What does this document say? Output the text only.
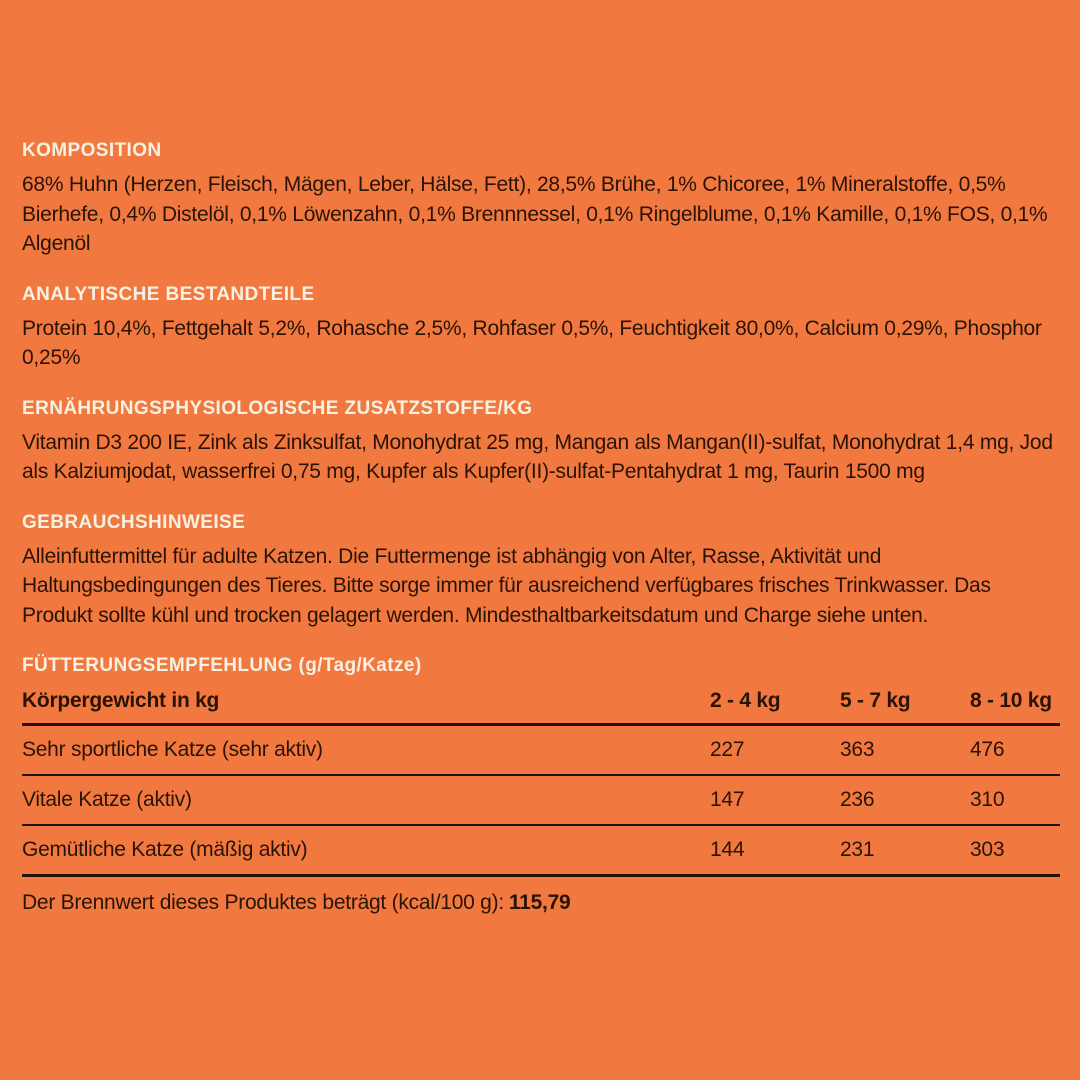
KOMPOSITION

68% Huhn (Herzen, Fleisch, Mägen, Leber, Hälse, Fett), 28,5% Brühe, 1% Chicoree, 1% Mineralstoffe, 0,5% Bierhefe, 0,4% Distelöl, 0,1% Löwenzahn, 0,1% Brennnessel, 0,1% Ringelblume, 0,1% Kamille, 0,1% FOS, 0,1% Algenöl

ANALYTISCHE BESTANDTEILE

Protein 10,4%, Fettgehalt 5,2%, Rohasche 2,5%, Rohfaser 0,5%, Feuchtigkeit 80,0%, Calcium 0,29%, Phosphor 0,25%

ERNÄHRUNGSPHYSIOLOGISCHE ZUSATZSTOFFE/KG

Vitamin D3 200 IE, Zink als Zinksulfat, Monohydrat 25 mg, Mangan als Mangan(II)-sulfat, Monohydrat 1,4 mg, Jod als Kalziumjodat, wasserfrei 0,75 mg, Kupfer als Kupfer(II)-sulfat-Pentahydrat 1 mg, Taurin 1500 mg

GEBRAUCHSHINWEISE

Alleinfuttermittel für adulte Katzen. Die Futtermenge ist abhängig von Alter, Rasse, Aktivität und Haltungsbedingungen des Tieres. Bitte sorge immer für ausreichend verfügbares frisches Trinkwasser. Das Produkt sollte kühl und trocken gelagert werden. Mindesthaltbarkeitsdatum und Charge siehe unten.

FÜTTERUNGSEMPFEHLUNG (g/Tag/Katze)
Körpergewicht in kg	2 - 4 kg	5 - 7 kg	8 - 10 kg
Sehr sportliche Katze (sehr aktiv)	227	363	476
Vitale Katze (aktiv)	147	236	310
Gemütliche Katze (mäßig aktiv)	144	231	303

Der Brennwert dieses Produktes beträgt (kcal/100 g): 115,79
